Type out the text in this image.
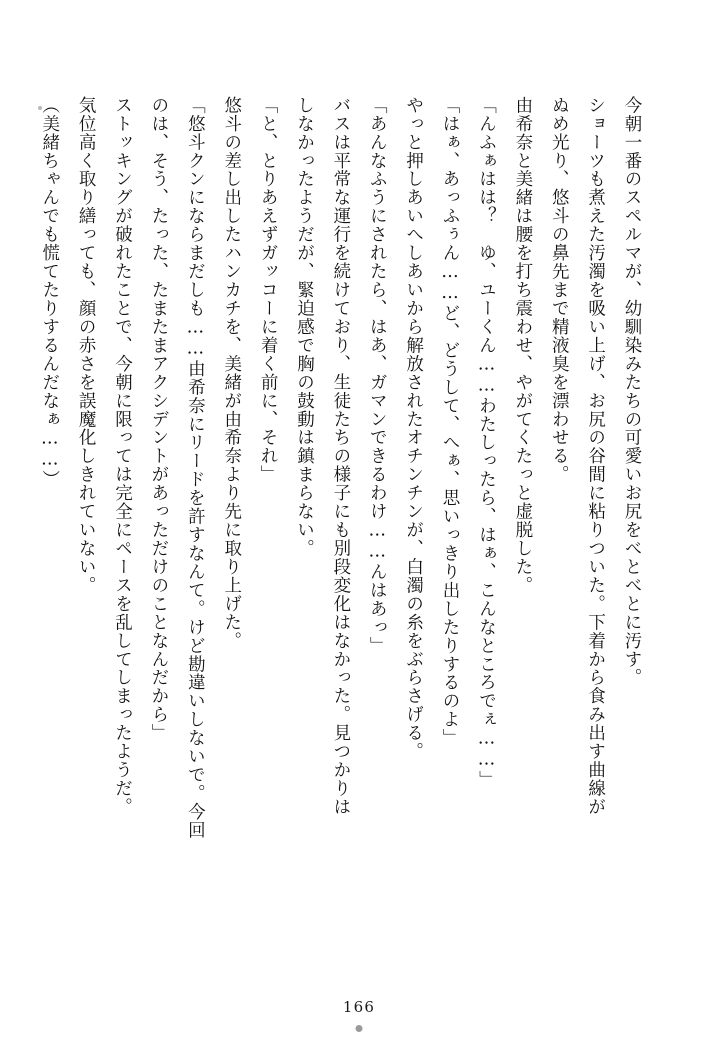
今朝一番のスペルマが、幼馴染みたちの可愛いお尻をべとべとに汚す。

ショーツも煮えた汚濁を吸い上げ、お尻の谷間に粘りついた。下着から食み出す曲線が

ぬめ光り、悠斗の鼻先まで精液臭を漂わせる。

由希奈と美緒は腰を打ち震わせ、やがてくたっと虚脱した。

「んふぁはは？　ゆ、ユーくん……わたしったら、はぁ、こんなところでぇ……」

「はぁ、あっふぅん……ど、どうして、へぁ、思いっきり出したりするのよ」

やっと押しあいへしあいから解放されたオチンチンが、白濁の糸をぶらさげる。

「あんなふうにされたら、はあ、ガマンできるわけ……んはあっ」

バスは平常な運行を続けており、生徒たちの様子にも別段変化はなかった。見つかりは

しなかったようだが、緊迫感で胸の鼓動は鎮まらない。

「と、とりあえずガッコーに着く前に、それ」

悠斗の差し出したハンカチを、美緒が由希奈より先に取り上げた。

「悠斗クンにならまだしも……由希奈にリードを許すなんて。けど勘違いしないで。今回

のは、そう、たった、たまたまアクシデントがあっただけのことなんだから」

ストッキングが破れたことで、今朝に限っては完全にペースを乱してしまったようだ。

気位高く取り繕っても、顔の赤さを誤魔化しきれていない。

（美緒ちゃんでも慌てたりするんだなぁ……）

166
